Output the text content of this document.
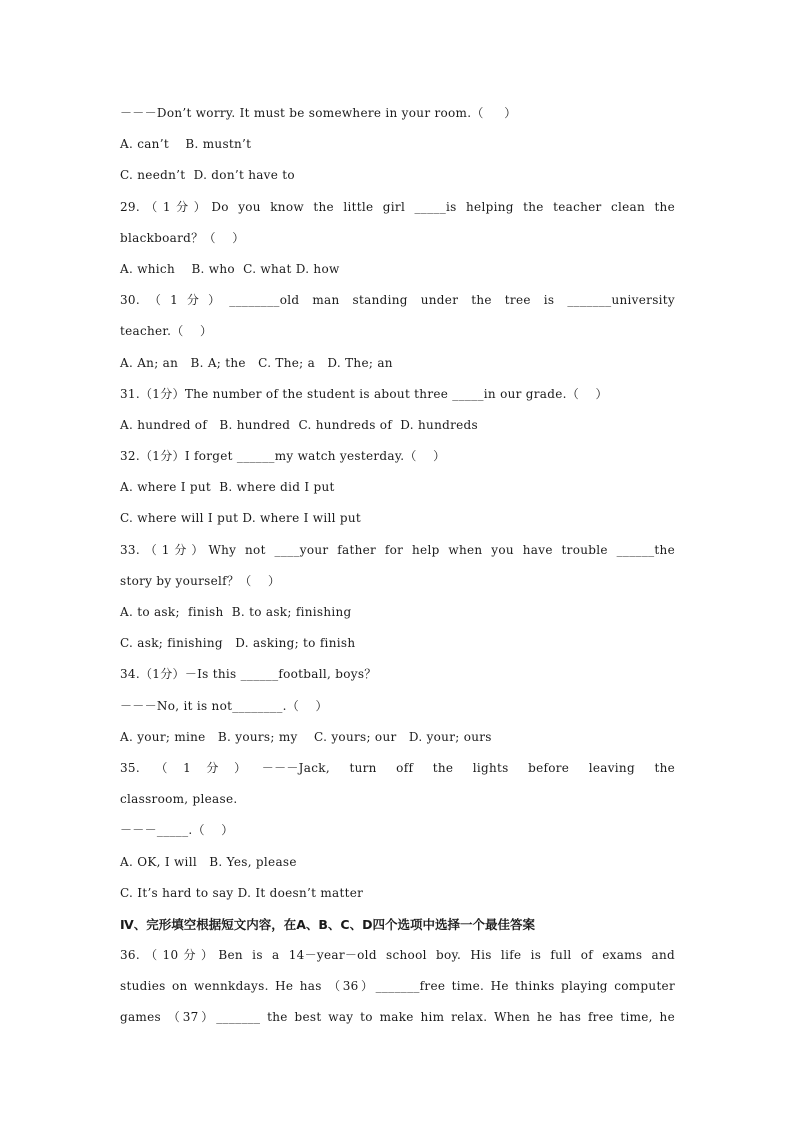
－－－Don’t worry. It must be somewhere in your room.（     ）
A. can’t    B. mustn’t
C. needn’t  D. don’t have to
29.（1分）Do you know the little girl _____is helping the teacher clean the
blackboard？（    ）
A. which    B. who  C. what D. how
30.（1分）________old man standing under the tree is _______university
teacher.（    ）
A. An; an   B. A; the   C. The; a   D. The; an
31.（1分）The number of the student is about three _____in our grade.（    ）
A. hundred of   B. hundred  C. hundreds of  D. hundreds
32.（1分）I forget ______my watch yesterday.（    ）
A. where I put  B. where did I put
C. where will I put D. where I will put
33.（1分）Why not ____your father for help when you have trouble ______the
story by yourself？（    ）
A. to ask;  finish  B. to ask; finishing
C. ask; finishing   D. asking; to finish
34.（1分）－Is this ______football, boys？
－－－No, it is not________.（    ）
A. your; mine   B. yours; my    C. yours; our   D. your; ours
35.（1分）－－－Jack, turn off the lights before leaving the
classroom, please.
－－－_____.（    ）
A. OK, I will   B. Yes, please
C. It’s hard to say D. It doesn’t matter
Ⅳ、完形填空根据短文内容，在A、B、C、D四个选项中选择一个最佳答案
36.（10分）Ben is a 14－year－old school boy. His life is full of exams and
studies on wennkdays. He has （36）_______free time. He thinks playing computer
games （37）_______ the best way to make him relax. When he has free time, he
